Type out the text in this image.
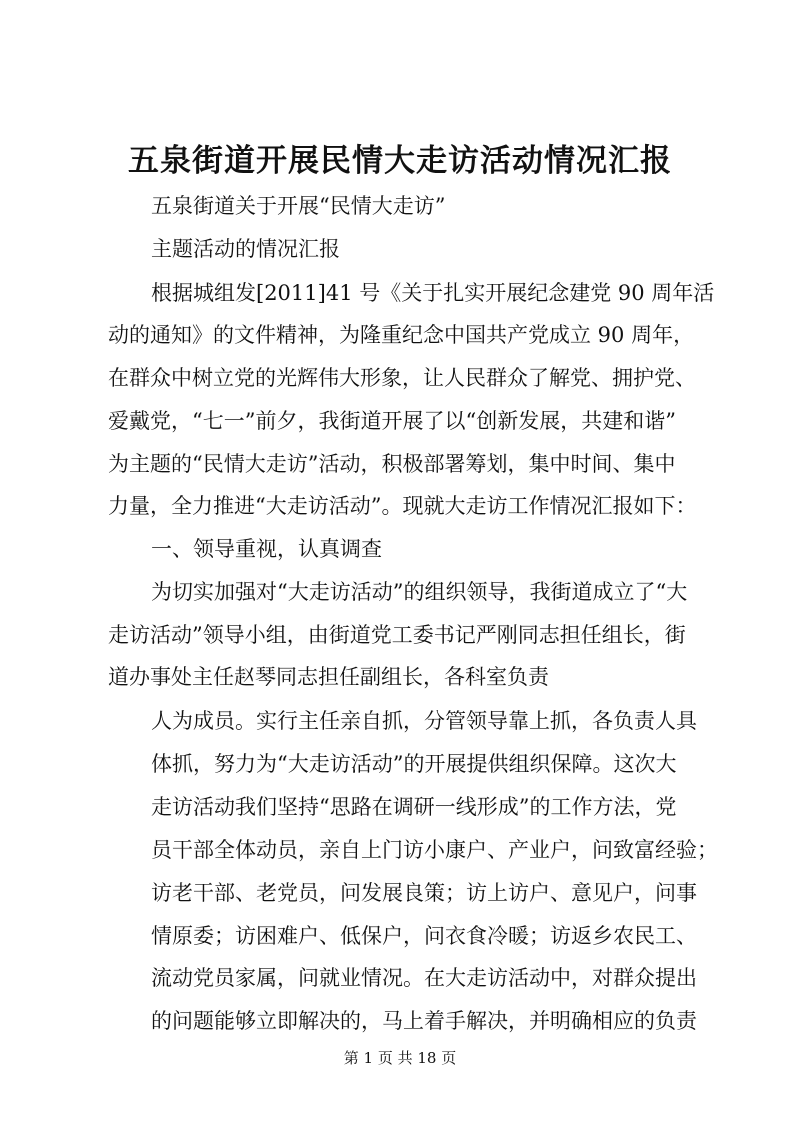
五泉街道开展民情大走访活动情况汇报

五泉街道关于开展“民情大走访”

主题活动的情况汇报

根据城组发[2011]41 号《关于扎实开展纪念建党 90 周年活

动的通知》的文件精神，为隆重纪念中国共产党成立 90 周年，

在群众中树立党的光辉伟大形象，让人民群众了解党、拥护党、

爱戴党，“七一”前夕，我街道开展了以“创新发展，共建和谐”

为主题的“民情大走访”活动，积极部署筹划，集中时间、集中

力量，全力推进“大走访活动”。现就大走访工作情况汇报如下：

一、领导重视，认真调查

为切实加强对“大走访活动”的组织领导，我街道成立了“大

走访活动”领导小组，由街道党工委书记严刚同志担任组长，街

道办事处主任赵琴同志担任副组长，各科室负责

人为成员。实行主任亲自抓，分管领导靠上抓，各负责人具

体抓，努力为“大走访活动”的开展提供组织保障。这次大

走访活动我们坚持“思路在调研一线形成”的工作方法，党

员干部全体动员，亲自上门访小康户、产业户，问致富经验；

访老干部、老党员，问发展良策；访上访户、意见户，问事

情原委；访困难户、低保户，问衣食冷暖；访返乡农民工、

流动党员家属，问就业情况。在大走访活动中，对群众提出

的问题能够立即解决的，马上着手解决，并明确相应的负责

第 1 页 共 18 页
